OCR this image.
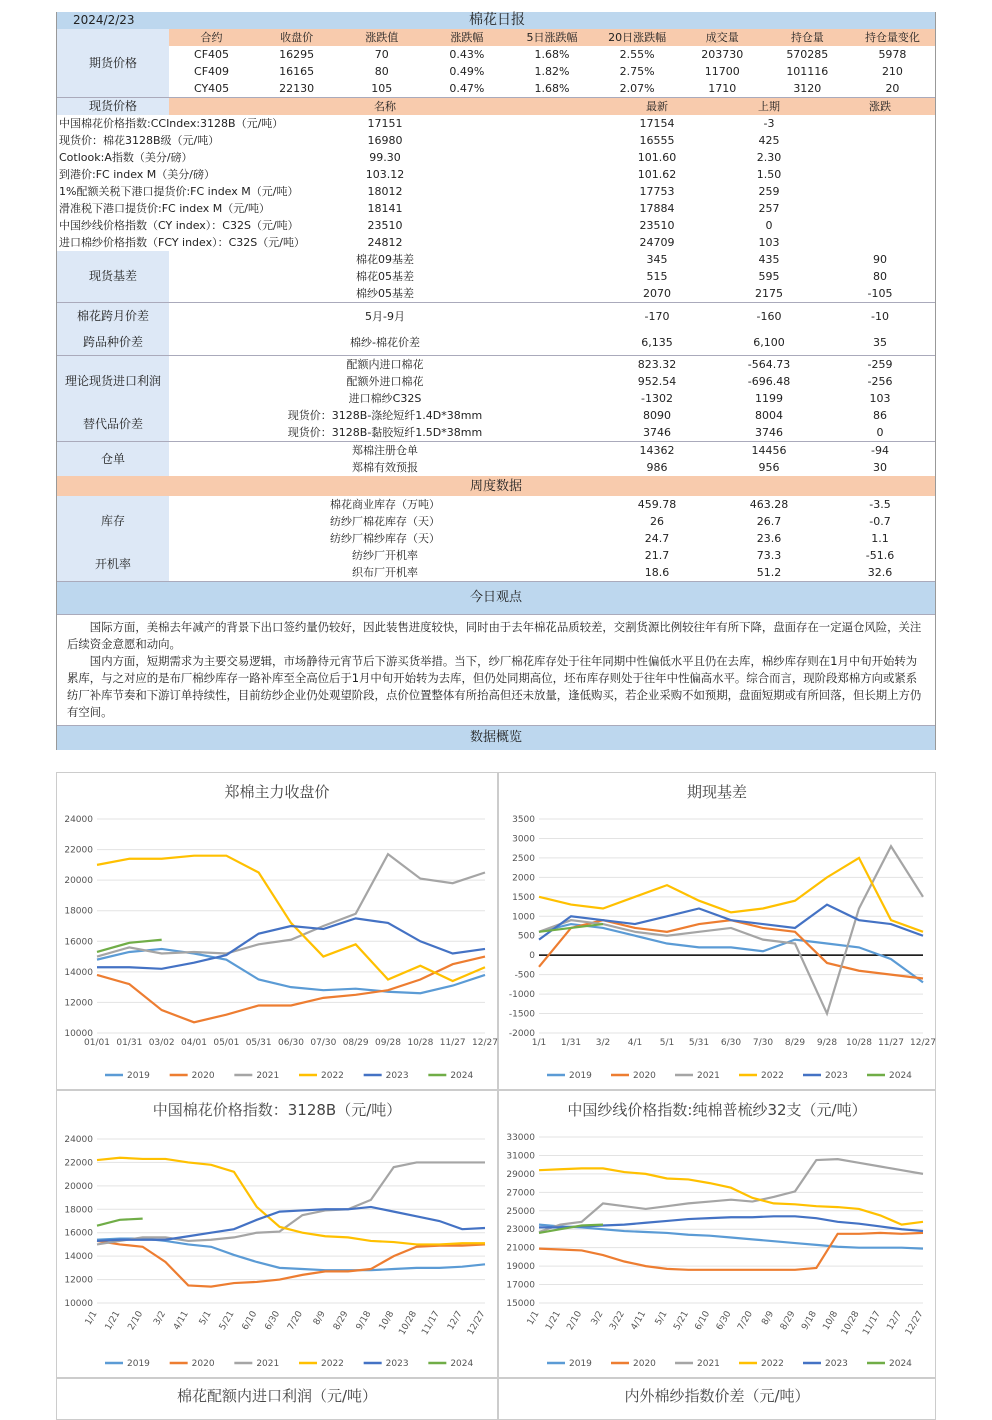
2024/2/23	棉花日报								
期货价格	合约	收盘价	涨跌值	涨跌幅	5日涨跌幅	20日涨跌幅	成交量	持仓量	持仓量变化
	CF405	16295	70	0.43%	1.68%	2.55%	203730	570285	5978
	CF409	16165	80	0.49%	1.82%	2.75%	11700	101116	210
	CY405	22130	105	0.47%	1.68%	2.07%	1710	3120	20
现货价格	名称	最新	上期	涨跌
中国棉花价格指数:CCIndex:3128B（元/吨）	17151	17154	-3	
现货价：棉花3128B级（元/吨）	16980	16555	425	
Cotlook:A指数（美分/磅）	99.30	101.60	2.30	
到港价:FC index M（美分/磅）	103.12	101.62	1.50	
1%配额关税下港口提货价:FC index M（元/吨）	18012	17753	259	
滑准税下港口提货价:FC index M（元/吨）	18141	17884	257	
中国纱线价格指数（CY index）：C32S（元/吨）	23510	23510	0	
进口棉纱价格指数（FCY index）：C32S（元/吨）	24812	24709	103	
现货基差	棉花09基差	345	435	90
	棉花05基差	515	595	80
	棉纱05基差	2070	2175	-105
棉花跨月价差	5月-9月	-170	-160	-10
跨品种价差	棉纱-棉花价差	6,135	6,100	35
理论现货进口利润	配额内进口棉花	823.32	-564.73	-259
	配额外进口棉花	952.54	-696.48	-256
	进口棉纱C32S	-1302	1199	103
替代品价差	现货价：3128B-涤纶短纤1.4D*38mm	8090	8004	86
	现货价：3128B-黏胶短纤1.5D*38mm	3746	3746	0
仓单	郑棉注册仓单	14362	14456	-94
	郑棉有效预报	986	956	30
周度数据				
库存	棉花商业库存（万吨）	459.78	463.28	-3.5
	纺纱厂棉花库存（天）	26	26.7	-0.7
	纺纱厂棉纱库存（天）	24.7	23.6	1.1
开机率	纺纱厂开机率	21.7	73.3	-51.6
	织布厂开机率	18.6	51.2	32.6
今日观点

国际方面，美棉去年减产的背景下出口签约量仍较好，因此装售进度较快，同时由于去年棉花品质较差，交割货源比例较往年有所下降，盘面存在一定逼仓风险，关注后续资金意愿和动向。

国内方面，短期需求为主要交易逻辑，市场静待元宵节后下游买货举措。当下，纱厂棉花库存处于往年同期中性偏低水平且仍在去库，棉纱库存则在1月中旬开始转为累库，与之对应的是布厂棉纱库存一路补库至全高位后于1月中旬开始转为去库，但仍处同期高位，坯布库存则处于往年中性偏高水平。综合而言，现阶段郑棉方向或紧系纺厂补库节奏和下游订单持续性，目前纺纱企业仍处观望阶段，点价位置整体有所抬高但还未放量，逢低购买，若企业采购不如预期，盘面短期或有所回落，但长期上方仍有空间。

数据概览
郑棉主力收盘价
24000
22000
20000
18000
16000
14000
12000
10000
01/01 01/31 03/02 04/01 05/01 05/31 06/30 07/30 08/29 09/28 10/28 11/27 12/27
2019	2020	2021	2022	2023	2024
期现基差
3500
3000
2500
2000
1500
1000
500
0
-500
-1000
-1500
-2000
1/1 1/31 3/2 4/1 5/1 5/31 6/30 7/30 8/29 9/28 10/28 11/27 12/27
2019	2020	2021	2022	2023	2024
中国棉花价格指数：3128B（元/吨）
24000
22000
20000
18000
16000
14000
12000
10000
1/1 1/21 2/10 3/2 4/11 5/1 5/21 6/10 6/30 7/20 8/9 8/29 9/18 10/8 10/28 11/17 12/7 12/27
2019	2020	2021	2022	2023	2024
中国纱线价格指数:纯棉普梳纱32支（元/吨）
33000
31000
29000
27000
25000
23000
21000
19000
17000
15000
1/1 1/21 2/10 3/2 3/22 4/11 5/1 5/21 6/10 6/30 7/20 8/9 8/29 9/18 10/8 10/28 11/17 12/7 12/27
2019	2020	2021	2022	2023	2024
棉花配额内进口利润（元/吨）	内外棉纱指数价差（元/吨）
